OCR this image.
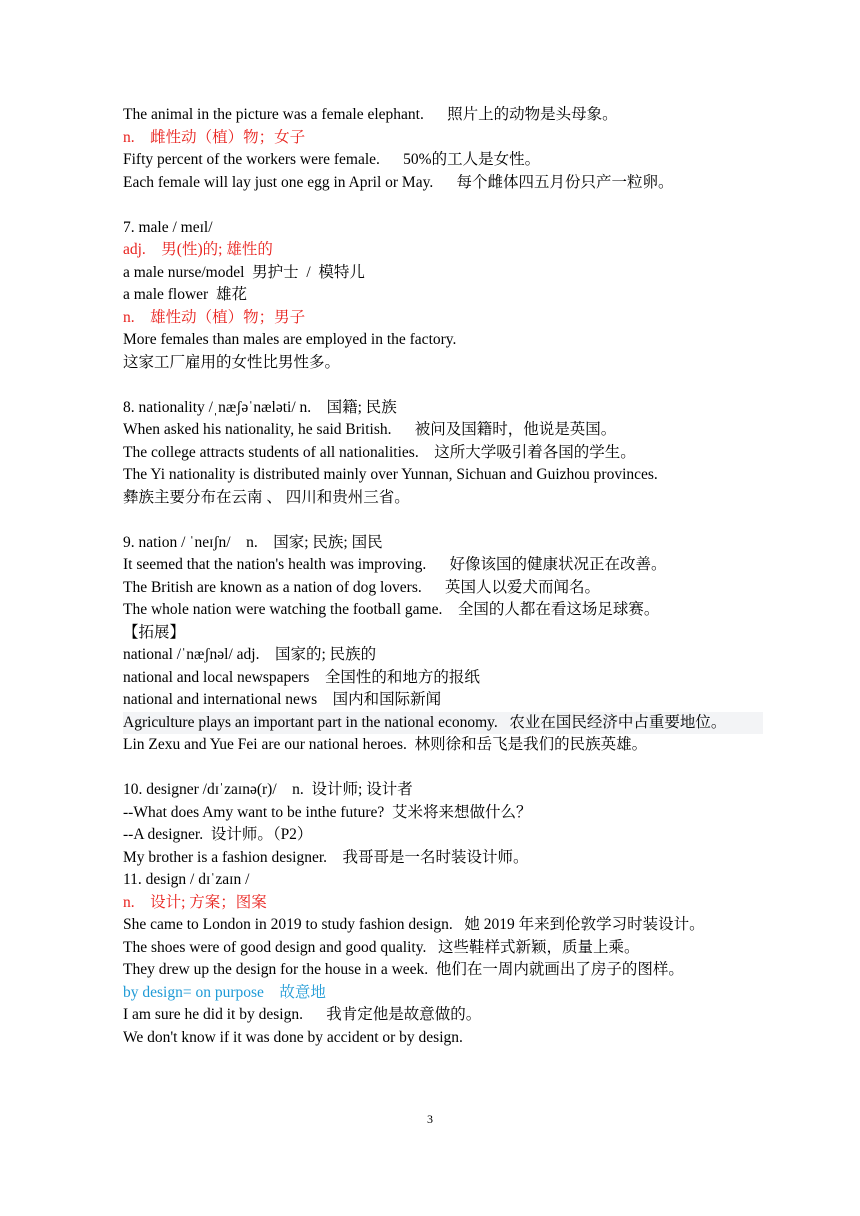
The animal in the picture was a female elephant.      照片上的动物是头母象。
n.    雌性动（植）物；女子
Fifty percent of the workers were female.      50%的工人是女性。
Each female will lay just one egg in April or May.      每个雌体四五月份只产一粒卵。
7. male / meɪl/
adj.    男(性)的; 雄性的
a male nurse/model  男护士  /  模特儿
a male flower  雄花
n.    雄性动（植）物；男子
More females than males are employed in the factory.
这家工厂雇用的女性比男性多。
8. nationality /ˌnæʃəˈnæləti/ n.    国籍; 民族
When asked his nationality, he said British.      被问及国籍时，他说是英国。
The college attracts students of all nationalities.    这所大学吸引着各国的学生。
The Yi nationality is distributed mainly over Yunnan, Sichuan and Guizhou provinces.
彝族主要分布在云南 、 四川和贵州三省。
9. nation / ˈneɪʃn/    n.    国家; 民族; 国民
It seemed that the nation's health was improving.      好像该国的健康状况正在改善。
The British are known as a nation of dog lovers.      英国人以爱犬而闻名。
The whole nation were watching the football game.    全国的人都在看这场足球赛。
【拓展】
national /ˈnæʃnəl/ adj.    国家的; 民族的
national and local newspapers    全国性的和地方的报纸
national and international news    国内和国际新闻
Agriculture plays an important part in the national economy.   农业在国民经济中占重要地位。
Lin Zexu and Yue Fei are our national heroes.  林则徐和岳飞是我们的民族英雄。
10. designer /dɪˈzaɪnə(r)/    n.  设计师; 设计者
--What does Amy want to be inthe future?  艾米将来想做什么？
--A designer.  设计师。（P2）
My brother is a fashion designer.    我哥哥是一名时装设计师。
11. design / dɪˈzaɪn /
n.    设计; 方案；图案
She came to London in 2019 to study fashion design.   她 2019 年来到伦敦学习时装设计。
The shoes were of good design and good quality.   这些鞋样式新颖，质量上乘。
They drew up the design for the house in a week.  他们在一周内就画出了房子的图样。
by design= on purpose    故意地
I am sure he did it by design.      我肯定他是故意做的。
We don't know if it was done by accident or by design.
3
